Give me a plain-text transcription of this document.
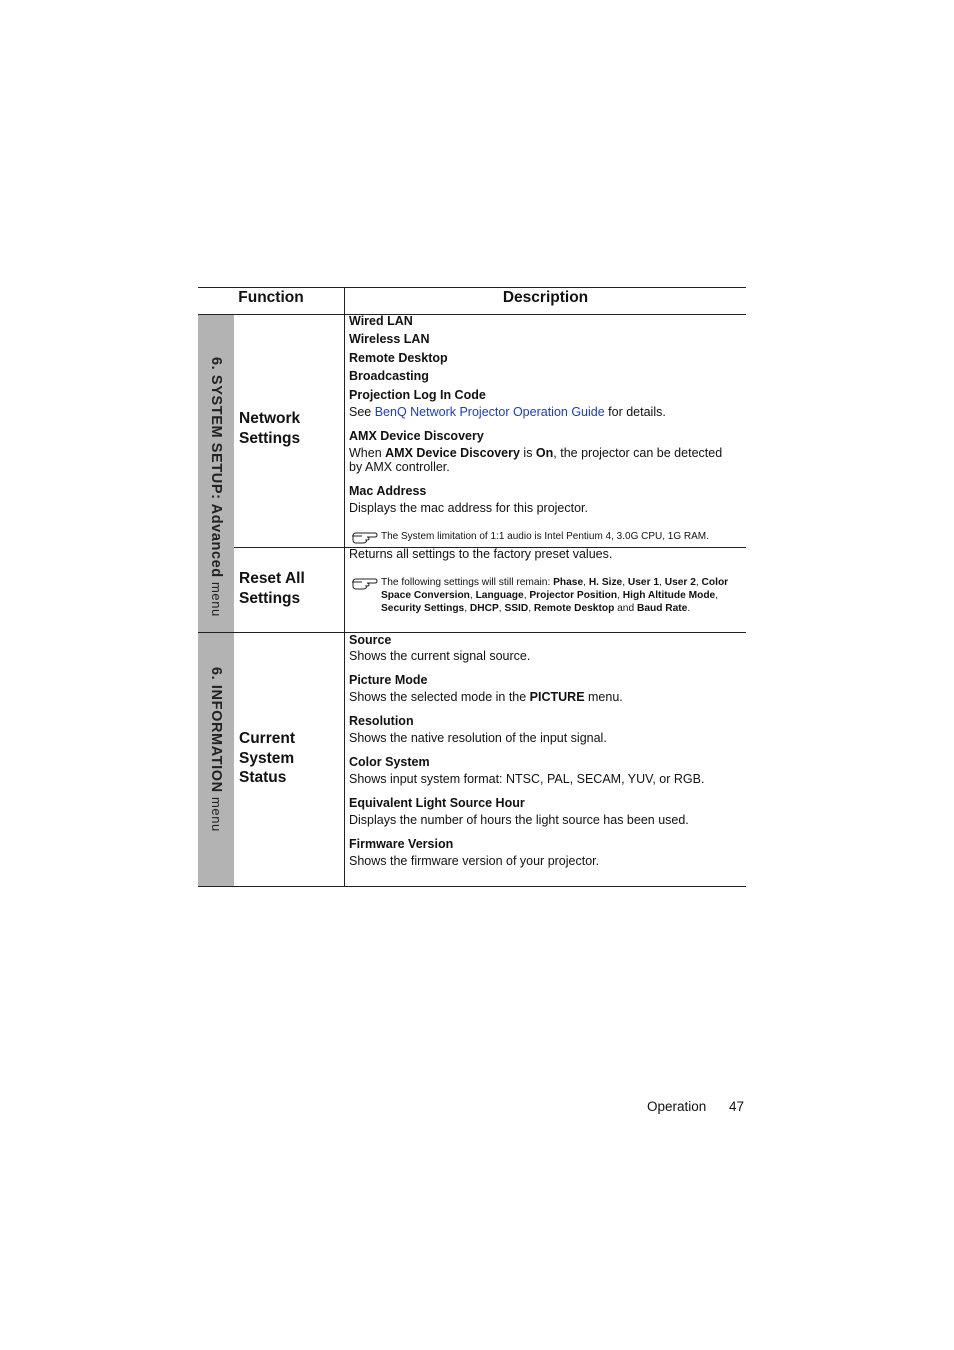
Function	Description
6. SYSTEM SETUP: Advanced menu
6. INFORMATION menu
Network
Settings
Reset All
Settings
Current
System
Status
Wired LAN
Wireless LAN
Remote Desktop
Broadcasting
Projection Log In Code
See BenQ Network Projector Operation Guide for details.
AMX Device Discovery
When AMX Device Discovery is On, the projector can be detected
by AMX controller.
Mac Address
Displays the mac address for this projector.
The System limitation of 1:1 audio is Intel Pentium 4, 3.0G CPU, 1G RAM.
Returns all settings to the factory preset values.
The following settings will still remain: Phase, H. Size, User 1, User 2, Color Space Conversion, Language, Projector Position, High Altitude Mode, Security Settings, DHCP, SSID, Remote Desktop and Baud Rate.
Source
Shows the current signal source.
Picture Mode
Shows the selected mode in the PICTURE menu.
Resolution
Shows the native resolution of the input signal.
Color System
Shows input system format: NTSC, PAL, SECAM, YUV, or RGB.
Equivalent Light Source Hour
Displays the number of hours the light source has been used.
Firmware Version
Shows the firmware version of your projector.
Operation 47
